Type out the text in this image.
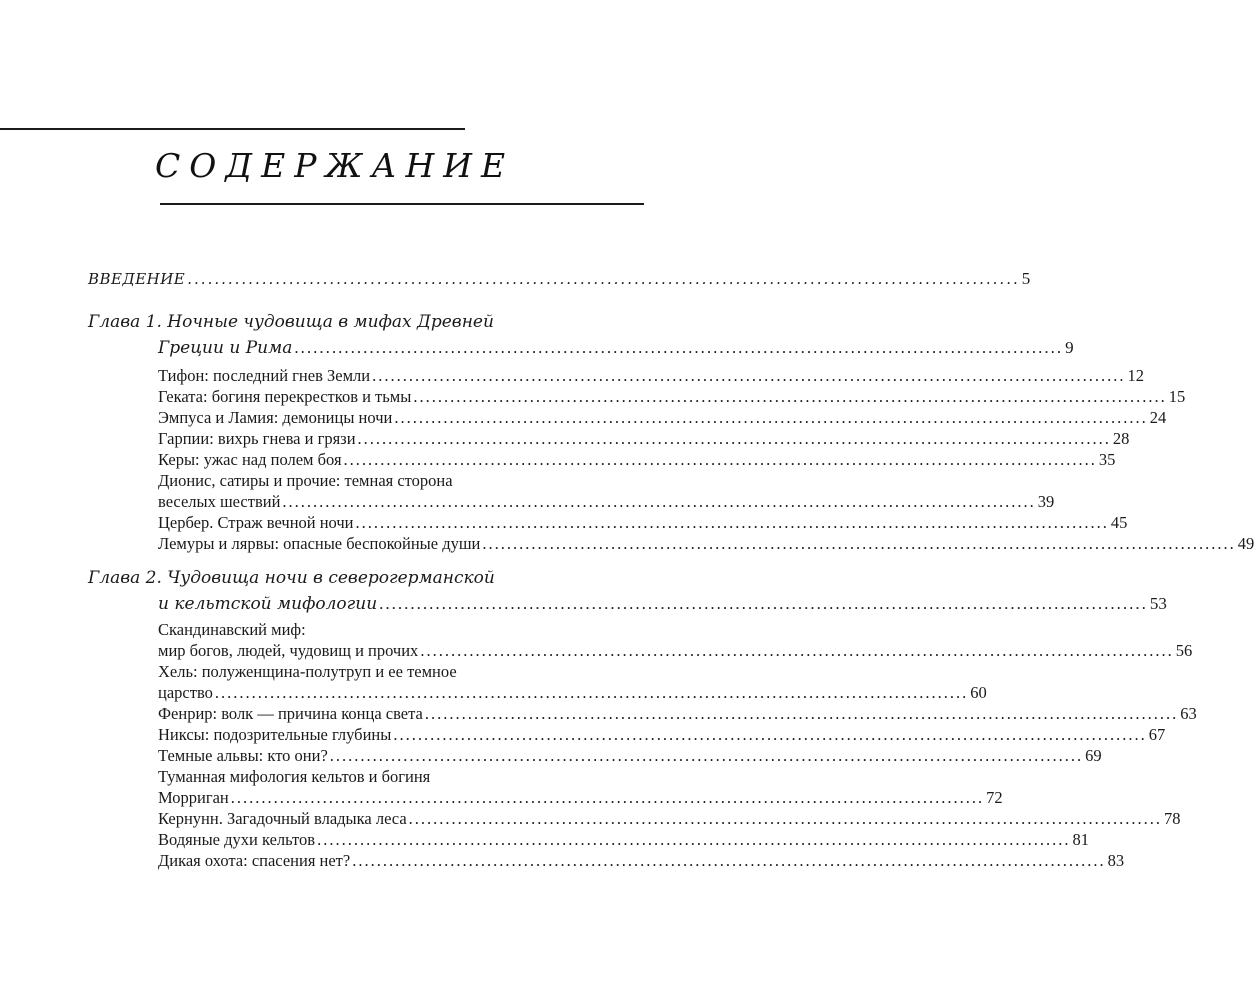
СОДЕРЖАНИЕ
ВВЕДЕНИЕ ........................................................................................................................... 5
Глава 1. Ночные чудовища в мифах Древней
Греции и Рима ........................................................................................................................... 9
Тифон: последний гнев Земли ........................................................................................................................... 12
Геката: богиня перекрестков и тьмы ........................................................................................................................... 15
Эмпуса и Ламия: демоницы ночи ........................................................................................................................... 24
Гарпии: вихрь гнева и грязи ........................................................................................................................... 28
Керы: ужас над полем боя ........................................................................................................................... 35
Дионис, сатиры и прочие: темная сторона
веселых шествий ........................................................................................................................... 39
Цербер. Страж вечной ночи ........................................................................................................................... 45
Лемуры и лярвы: опасные беспокойные души ........................................................................................................................... 49
Глава 2. Чудовища ночи в северогерманской
и кельтской мифологии ........................................................................................................................... 53
Скандинавский миф:
мир богов, людей, чудовищ и прочих ........................................................................................................................... 56
Хель: полуженщина-полутруп и ее темное
царство ........................................................................................................................... 60
Фенрир: волк — причина конца света ........................................................................................................................... 63
Никсы: подозрительные глубины ........................................................................................................................... 67
Темные альвы: кто они? ........................................................................................................................... 69
Туманная мифология кельтов и богиня
Морриган ........................................................................................................................... 72
Кернунн. Загадочный владыка леса ........................................................................................................................... 78
Водяные духи кельтов ........................................................................................................................... 81
Дикая охота: спасения нет? ........................................................................................................................... 83
